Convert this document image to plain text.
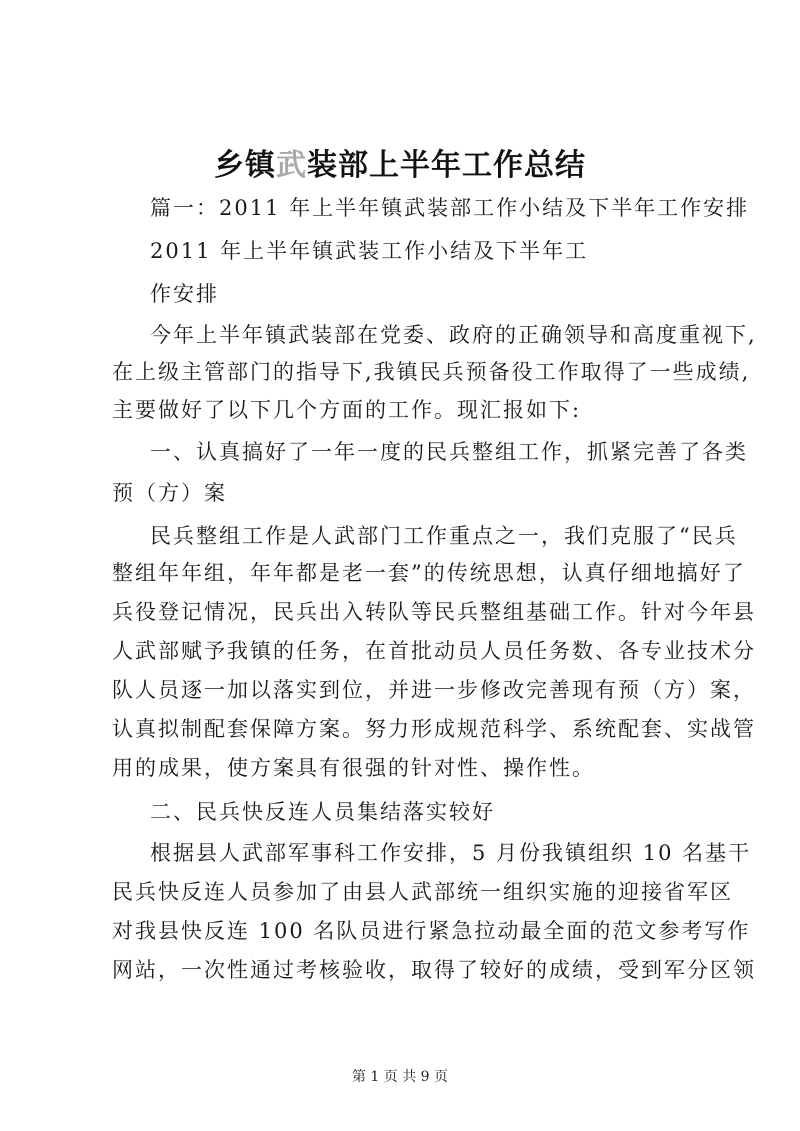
乡镇武装部上半年工作总结
篇一：2011 年上半年镇武装部工作小结及下半年工作安排
2011 年上半年镇武装工作小结及下半年工
作安排
今年上半年镇武装部在党委、政府的正确领导和高度重视下,
在上级主管部门的指导下,我镇民兵预备役工作取得了一些成绩,
主要做好了以下几个方面的工作。现汇报如下:
一、认真搞好了一年一度的民兵整组工作，抓紧完善了各类
预（方）案
民兵整组工作是人武部门工作重点之一，我们克服了“民兵
整组年年组，年年都是老一套”的传统思想，认真仔细地搞好了
兵役登记情况，民兵出入转队等民兵整组基础工作。针对今年县
人武部赋予我镇的任务，在首批动员人员任务数、各专业技术分
队人员逐一加以落实到位，并进一步修改完善现有预（方）案，
认真拟制配套保障方案。努力形成规范科学、系统配套、实战管
用的成果，使方案具有很强的针对性、操作性。
二、民兵快反连人员集结落实较好
根据县人武部军事科工作安排，5 月份我镇组织 10 名基干
民兵快反连人员参加了由县人武部统一组织实施的迎接省军区
对我县快反连 100 名队员进行紧急拉动最全面的范文参考写作
网站，一次性通过考核验收，取得了较好的成绩，受到军分区领
第 1 页 共 9 页
